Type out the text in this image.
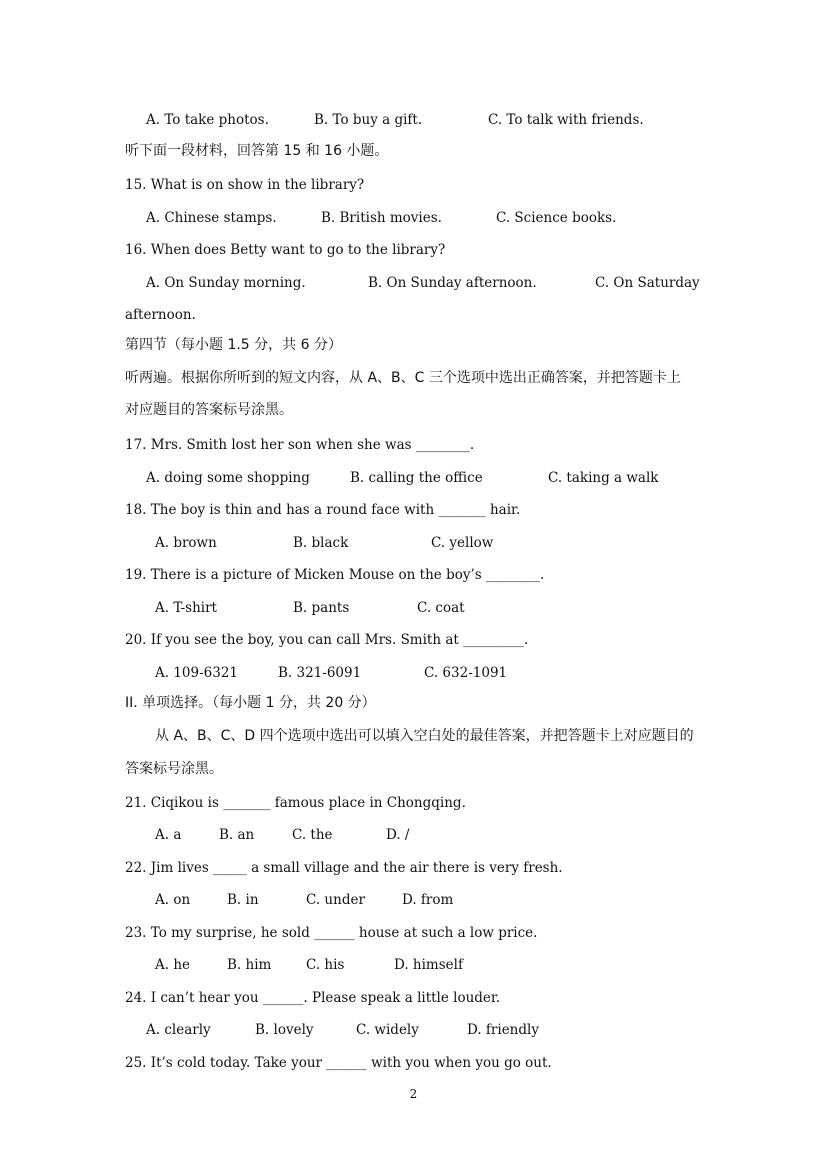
A. To take photos.	B. To buy a gift.	C. To talk with friends.
听下面一段材料，回答第 15 和 16 小题。
15. What is on show in the library?
A. Chinese stamps.	B. British movies.	C. Science books.
16. When does Betty want to go to the library?
A. On Sunday morning.	B. On Sunday afternoon.	C. On Saturday
afternoon.
第四节（每小题 1.5 分，共 6 分）
听两遍。根据你所听到的短文内容，从 A、B、C 三个选项中选出正确答案，并把答题卡上
对应题目的答案标号涂黑。
17. Mrs. Smith lost her son when she was ________.
A. doing some shopping	B. calling the office	C. taking a walk
18. The boy is thin and has a round face with _______ hair.
A. brown	B. black	C. yellow
19. There is a picture of Micken Mouse on the boy’s ________.
A. T-shirt	B. pants	C. coat
20. If you see the boy, you can call Mrs. Smith at _________.
A. 109-6321	B. 321-6091	C. 632-1091
II. 单项选择。（每小题 1 分，共 20 分）
从 A、B、C、D 四个选项中选出可以填入空白处的最佳答案，并把答题卡上对应题目的
答案标号涂黑。
21. Ciqikou is _______ famous place in Chongqing.
A. a	B. an	C. the	D. /
22. Jim lives _____ a small village and the air there is very fresh.
A. on	B. in	C. under	D. from
23. To my surprise, he sold ______ house at such a low price.
A. he	B. him	C. his	D. himself
24. I can’t hear you ______. Please speak a little louder.
A. clearly	B. lovely	C. widely	D. friendly
25. It’s cold today. Take your ______ with you when you go out.
2
